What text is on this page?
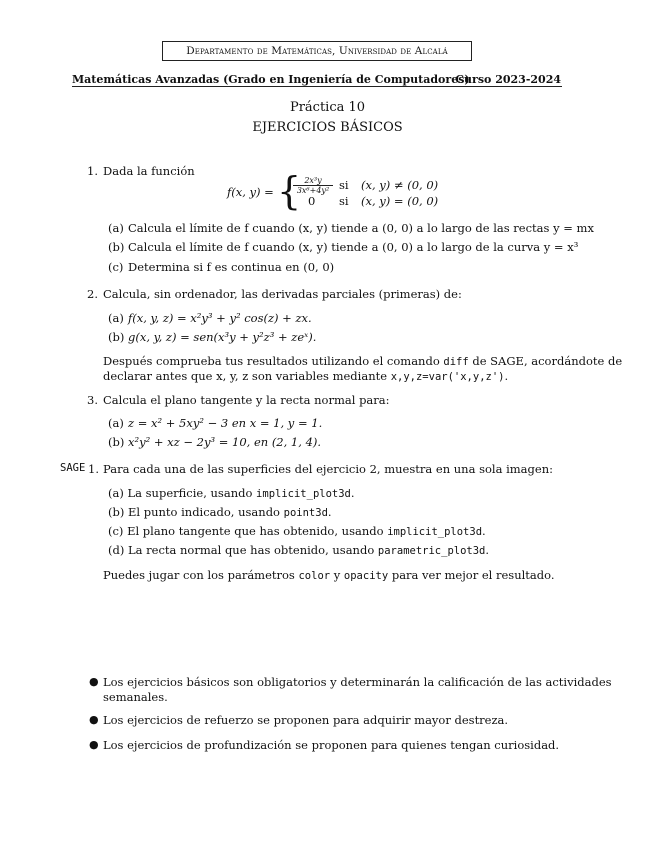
Departamento de Matemáticas, Universidad de Alcalá
Matemáticas Avanzadas (Grado en Ingeniería de Computadores)
Curso 2023-2024
Práctica 10
EJERCICIOS BÁSICOS
1. Dada la función
f(x, y) = {
$\frac{\text{2x³y}}{\text{3x⁶+4y²}}$ si (x, y) ≠ (0, 0)
0 si (x, y) = (0, 0)
(a) Calcula el límite de f cuando (x, y) tiende a (0, 0) a lo largo de las rectas y = mx
(b) Calcula el límite de f cuando (x, y) tiende a (0, 0) a lo largo de la curva y = x³
(c) Determina si f es continua en (0, 0)
2. Calcula, sin ordenador, las derivadas parciales (primeras) de:
(a) f(x, y, z) = x²y³ + y² cos(z) + zx.
(b) g(x, y, z) = sen(x³y + y²z³ + zeˣ).
Después comprueba tus resultados utilizando el comando diff de SAGE, acordándote de
declarar antes que x, y, z son variables mediante x,y,z=var('x,y,z').
3. Calcula el plano tangente y la recta normal para:
(a) z = x² + 5xy² − 3 en x = 1, y = 1.
(b) x²y² + xz − 2y³ = 10, en (2, 1, 4).
SAGE 1. Para cada una de las superficies del ejercicio 2, muestra en una sola imagen:
(a) La superficie, usando implicit_plot3d.
(b) El punto indicado, usando point3d.
(c) El plano tangente que has obtenido, usando implicit_plot3d.
(d) La recta normal que has obtenido, usando parametric_plot3d.
Puedes jugar con los parámetros color y opacity para ver mejor el resultado.
● Los ejercicios básicos son obligatorios y determinarán la calificación de las actividades
semanales.
● Los ejercicios de refuerzo se proponen para adquirir mayor destreza.
● Los ejercicios de profundización se proponen para quienes tengan curiosidad.
